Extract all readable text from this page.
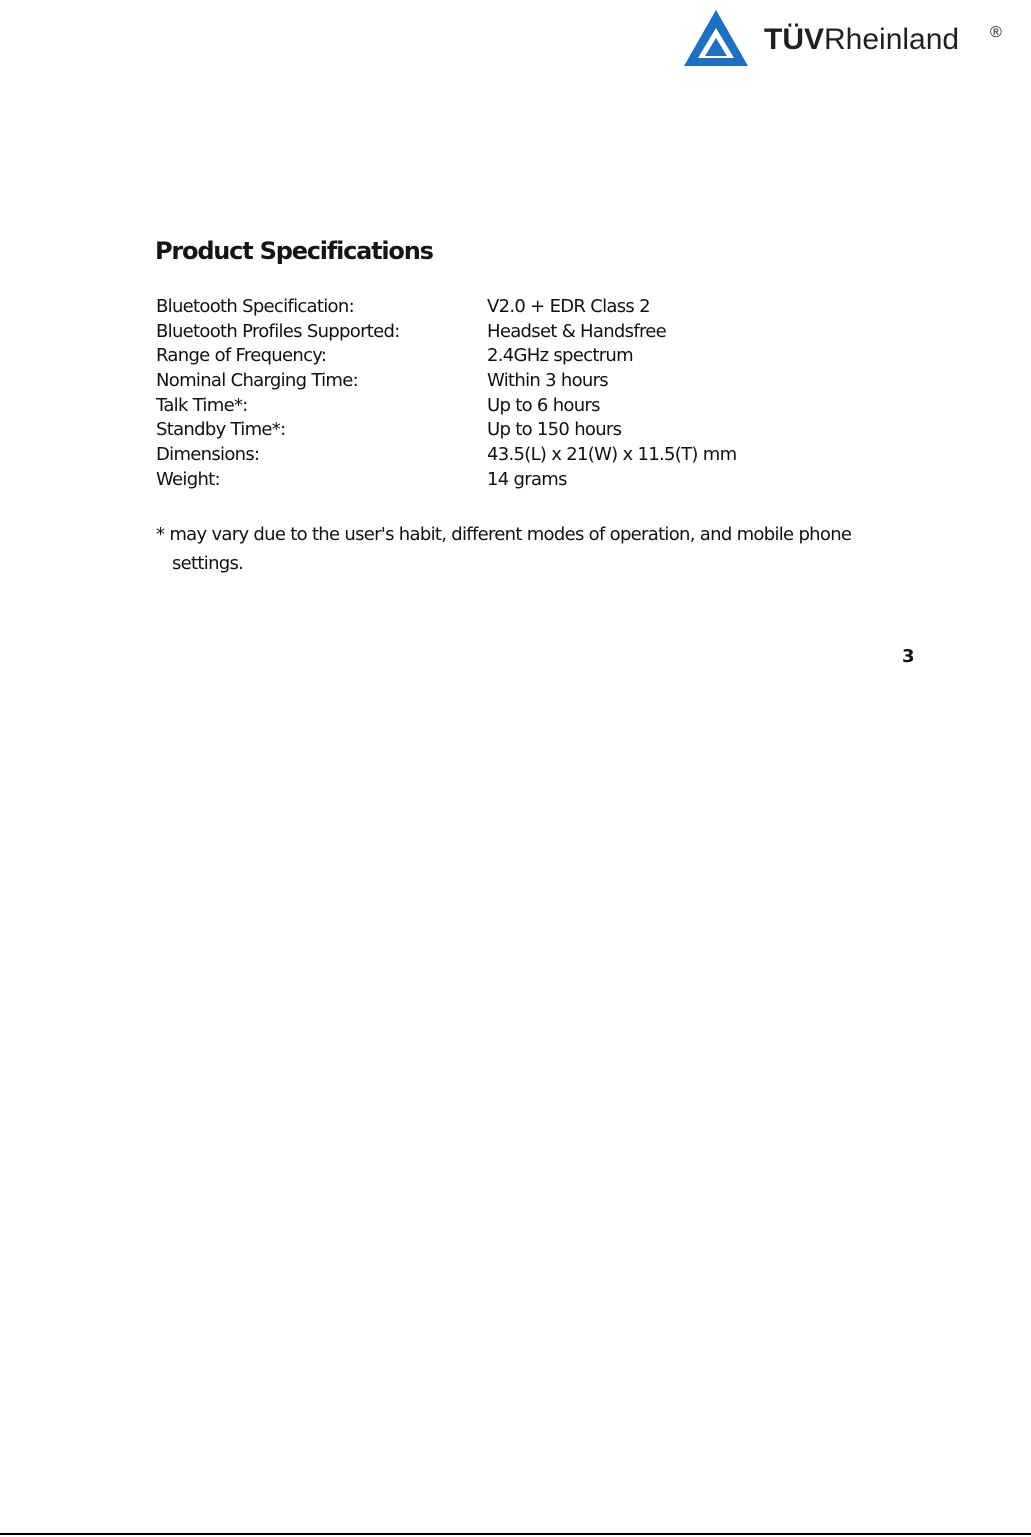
TÜVRheinland ®
Product Specifications
Bluetooth Specification:	V2.0 + EDR Class 2
Bluetooth Profiles Supported:	Headset & Handsfree
Range of Frequency:	2.4GHz spectrum
Nominal Charging Time:	Within 3 hours
Talk Time*:	Up to 6 hours
Standby Time*:	Up to 150 hours
Dimensions:	43.5(L) x 21(W) x 11.5(T) mm
Weight:	14 grams
* may vary due to the user's habit, different modes of operation, and mobile phone
settings.
3
